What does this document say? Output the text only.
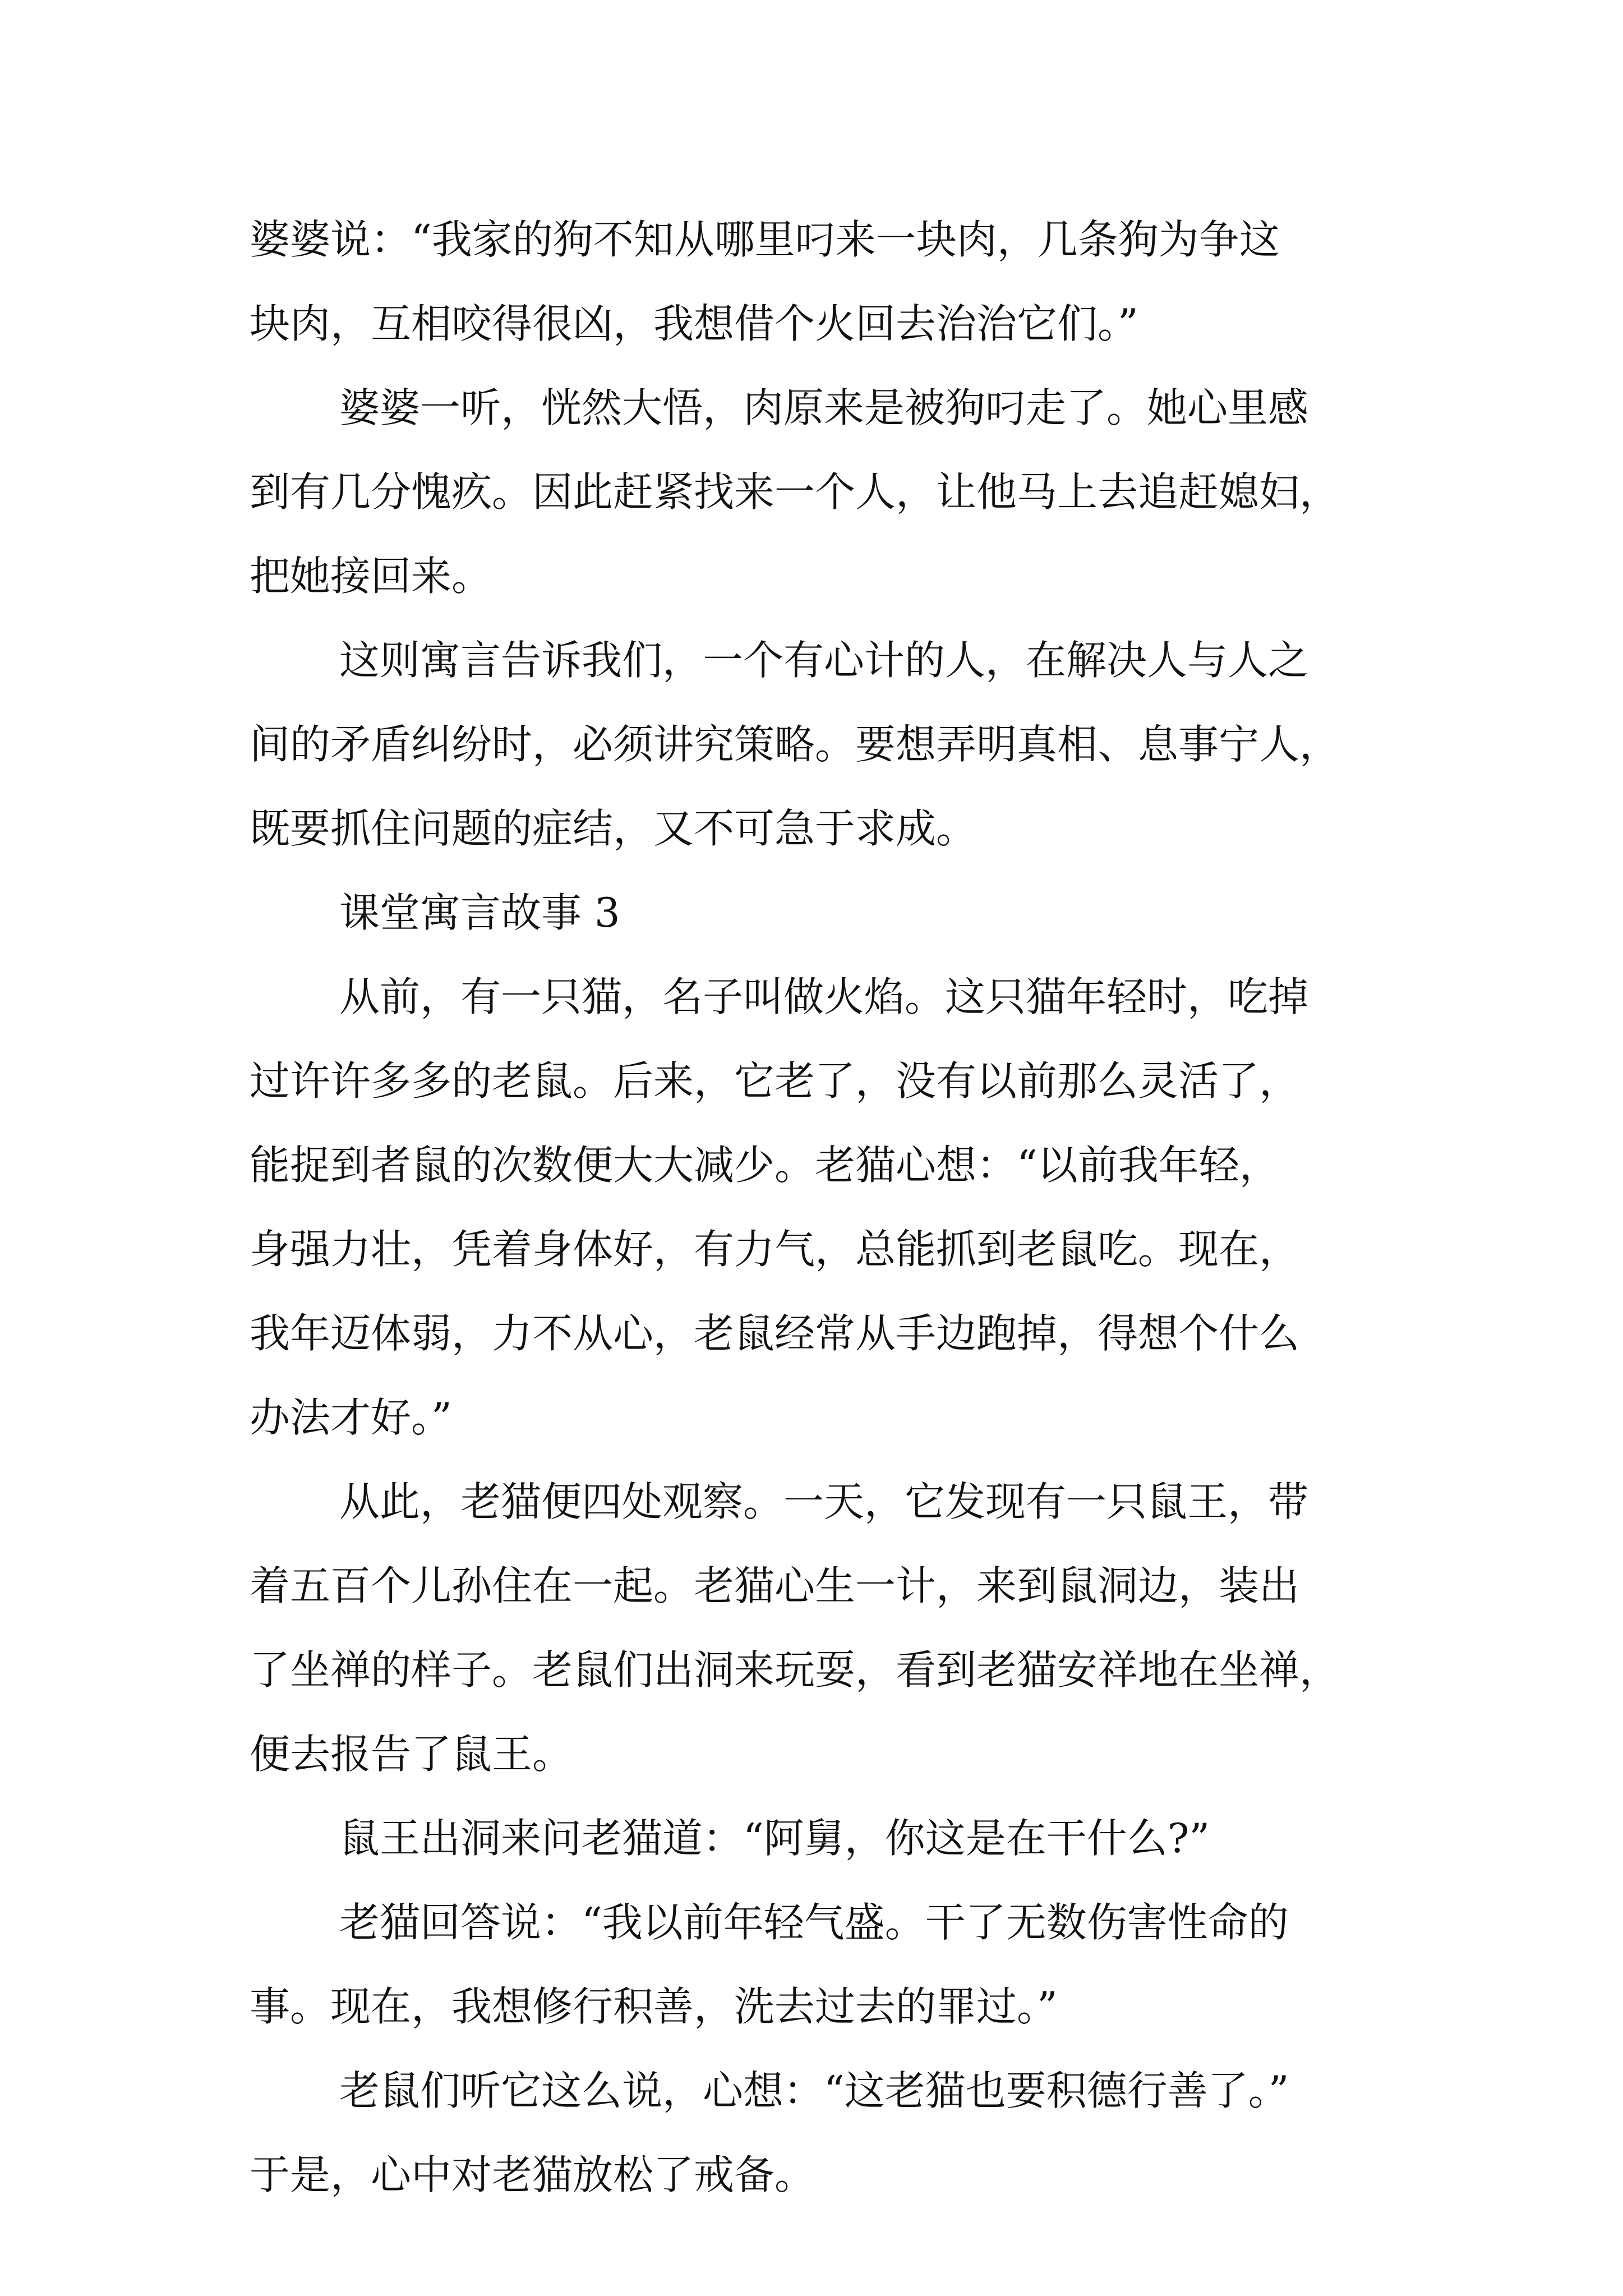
婆婆说：“我家的狗不知从哪里叼来一块肉，几条狗为争这
块肉，互相咬得很凶，我想借个火回去治治它们。”
婆婆一听，恍然大悟，肉原来是被狗叼走了。她心里感
到有几分愧疚。因此赶紧找来一个人，让他马上去追赶媳妇，
把她接回来。
这则寓言告诉我们，一个有心计的人，在解决人与人之
间的矛盾纠纷时，必须讲究策略。要想弄明真相、息事宁人，
既要抓住问题的症结，又不可急于求成。
课堂寓言故事 3
从前，有一只猫，名子叫做火焰。这只猫年轻时，吃掉
过许许多多的老鼠。后来，它老了，没有以前那么灵活了，
能捉到者鼠的次数便大大减少。老猫心想：“以前我年轻，
身强力壮，凭着身体好，有力气，总能抓到老鼠吃。现在，
我年迈体弱，力不从心，老鼠经常从手边跑掉，得想个什么
办法才好。”
从此，老猫便四处观察。一天，它发现有一只鼠王，带
着五百个儿孙住在一起。老猫心生一计，来到鼠洞边，装出
了坐禅的样子。老鼠们出洞来玩耍，看到老猫安祥地在坐禅，
便去报告了鼠王。
鼠王出洞来问老猫道：“阿舅，你这是在干什么?”
老猫回答说：“我以前年轻气盛。干了无数伤害性命的
事。现在，我想修行积善，洗去过去的罪过。”
老鼠们听它这么说，心想：“这老猫也要积德行善了。”
于是，心中对老猫放松了戒备。
